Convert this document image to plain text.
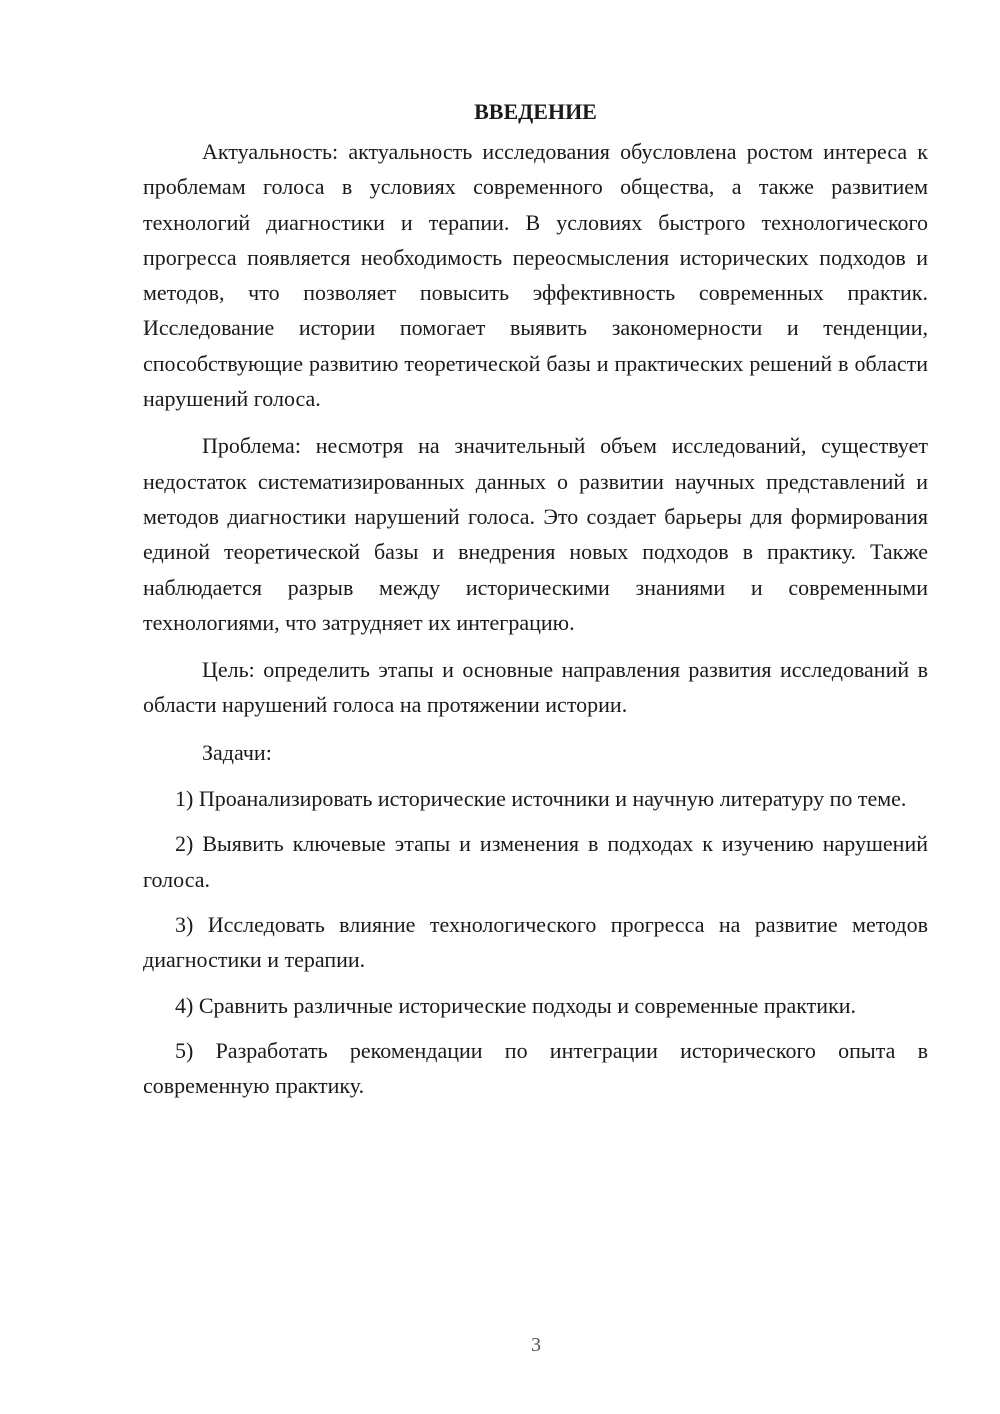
ВВЕДЕНИЕ

Актуальность: актуальность исследования обусловлена ростом интереса к проблемам голоса в условиях современного общества, а также развитием технологий диагностики и терапии. В условиях быстрого технологического прогресса появляется необходимость переосмысления исторических подходов и методов, что позволяет повысить эффективность современных практик. Исследование истории помогает выявить закономерности и тенденции, способствующие развитию теоретической базы и практических решений в области нарушений голоса.

Проблема: несмотря на значительный объем исследований, существует недостаток систематизированных данных о развитии научных представлений и методов диагностики нарушений голоса. Это создает барьеры для формирования единой теоретической базы и внедрения новых подходов в практику. Также наблюдается разрыв между историческими знаниями и современными технологиями, что затрудняет их интеграцию.

Цель: определить этапы и основные направления развития исследований в области нарушений голоса на протяжении истории.

Задачи:

1) Проанализировать исторические источники и научную литературу по теме.

2) Выявить ключевые этапы и изменения в подходах к изучению нарушений голоса.

3) Исследовать влияние технологического прогресса на развитие методов диагностики и терапии.

4) Сравнить различные исторические подходы и современные практики.

5) Разработать рекомендации по интеграции исторического опыта в современную практику.

3
